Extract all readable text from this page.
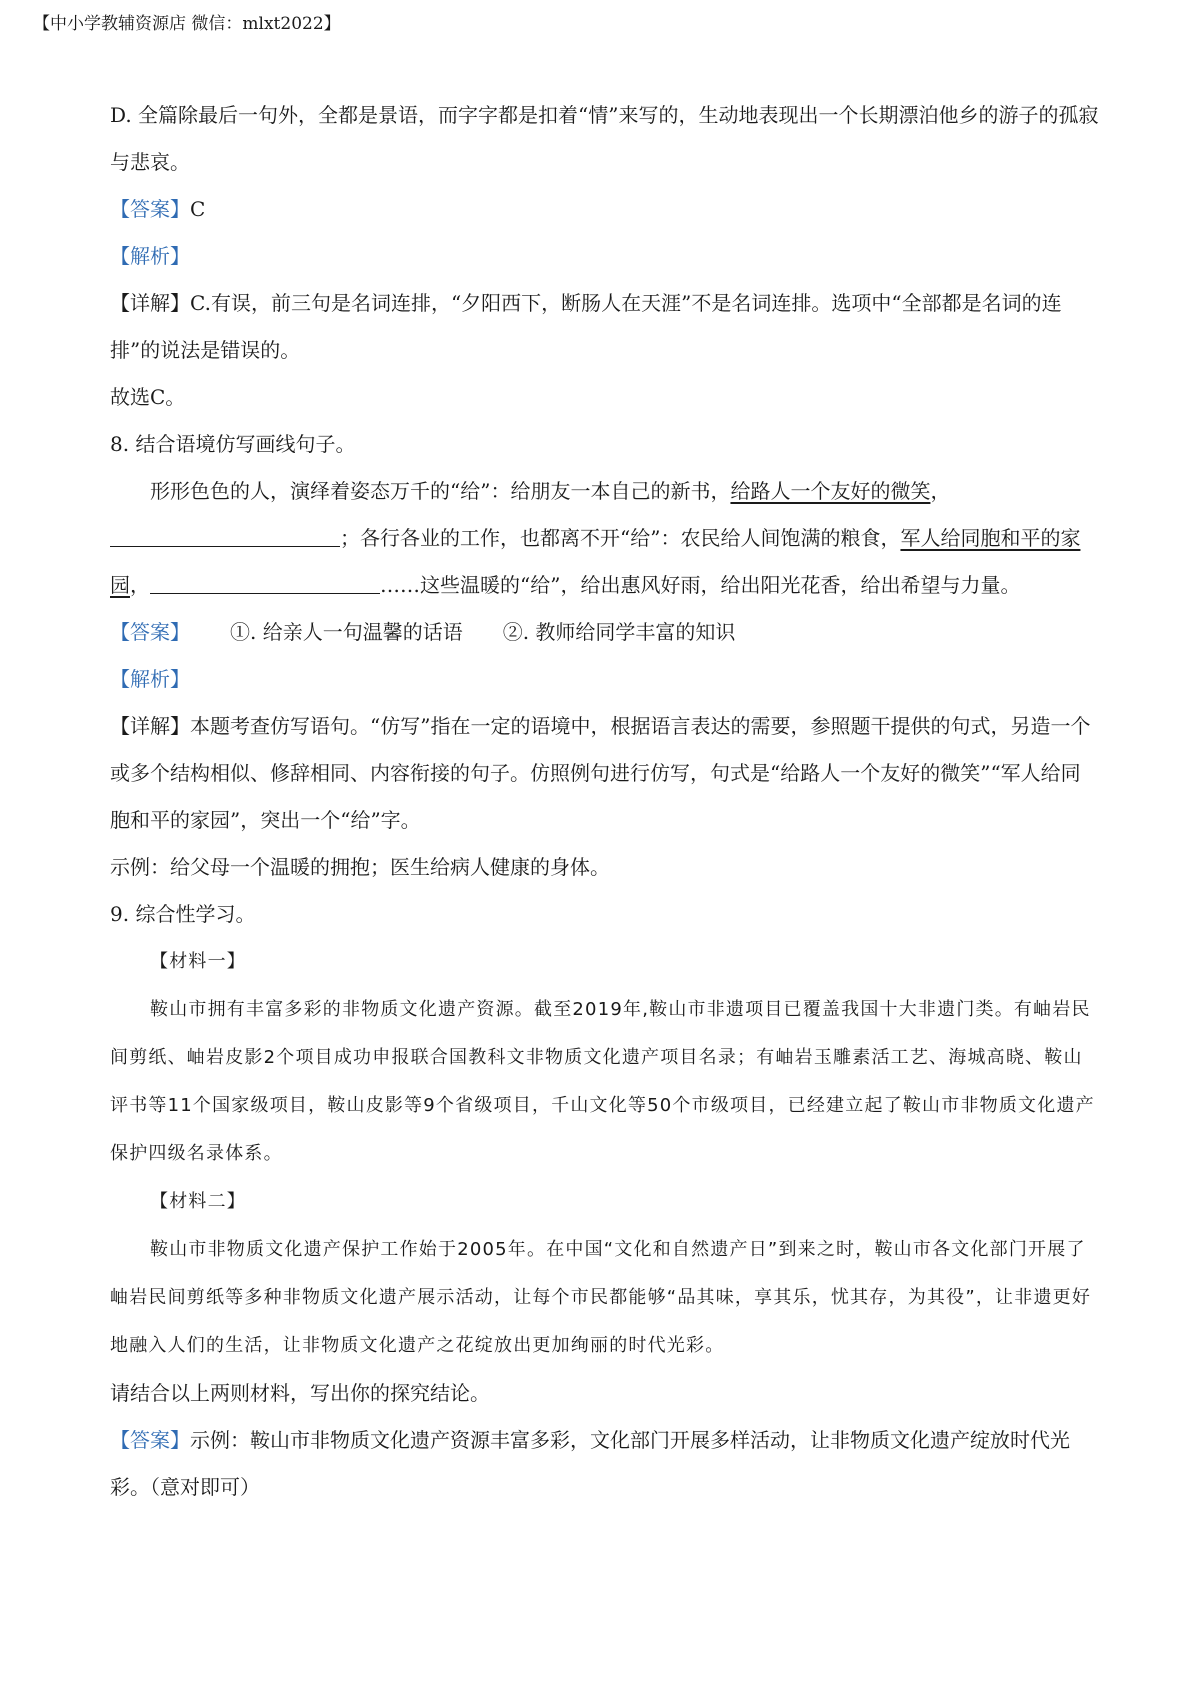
【中小学教辅资源店 微信：mlxt2022】

D. 全篇除最后一句外，全都是景语，而字字都是扣着“情”来写的，生动地表现出一个长期漂泊他乡的游子的孤寂与悲哀。

【答案】C

【解析】

【详解】C.有误，前三句是名词连排，“夕阳西下，断肠人在天涯”不是名词连排。选项中“全部都是名词的连排”的说法是错误的。

故选C。

8. 结合语境仿写画线句子。

形形色色的人，演绎着姿态万千的“给”：给朋友一本自己的新书，给路人一个友好的微笑，；各行各业的工作，也都离不开“给”：农民给人间饱满的粮食，军人给同胞和平的家园，	……这些温暖的“给”，给出惠风好雨，给出阳光花香，给出希望与力量。

【答案】 ①. 给亲人一句温馨的话语 ②. 教师给同学丰富的知识

【解析】

【详解】本题考查仿写语句。“仿写”指在一定的语境中，根据语言表达的需要，参照题干提供的句式，另造一个或多个结构相似、修辞相同、内容衔接的句子。仿照例句进行仿写，句式是“给路人一个友好的微笑”“军人给同胞和平的家园”，突出一个“给”字。

示例：给父母一个温暖的拥抱；医生给病人健康的身体。

9. 综合性学习。

【材料一】

鞍山市拥有丰富多彩的非物质文化遗产资源。截至2019年,鞍山市非遗项目已覆盖我国十大非遗门类。有岫岩民间剪纸、岫岩皮影2个项目成功申报联合国教科文非物质文化遗产项目名录；有岫岩玉雕素活工艺、海城高晓、鞍山评书等11个国家级项目，鞍山皮影等9个省级项目，千山文化等50个市级项目，已经建立起了鞍山市非物质文化遗产保护四级名录体系。

【材料二】

鞍山市非物质文化遗产保护工作始于2005年。在中国“文化和自然遗产日”到来之时，鞍山市各文化部门开展了岫岩民间剪纸等多种非物质文化遗产展示活动，让每个市民都能够“品其味，享其乐，忧其存，为其役”，让非遗更好地融入人们的生活，让非物质文化遗产之花绽放出更加绚丽的时代光彩。

请结合以上两则材料，写出你的探究结论。

【答案】示例：鞍山市非物质文化遗产资源丰富多彩，文化部门开展多样活动，让非物质文化遗产绽放时代光彩。（意对即可）
